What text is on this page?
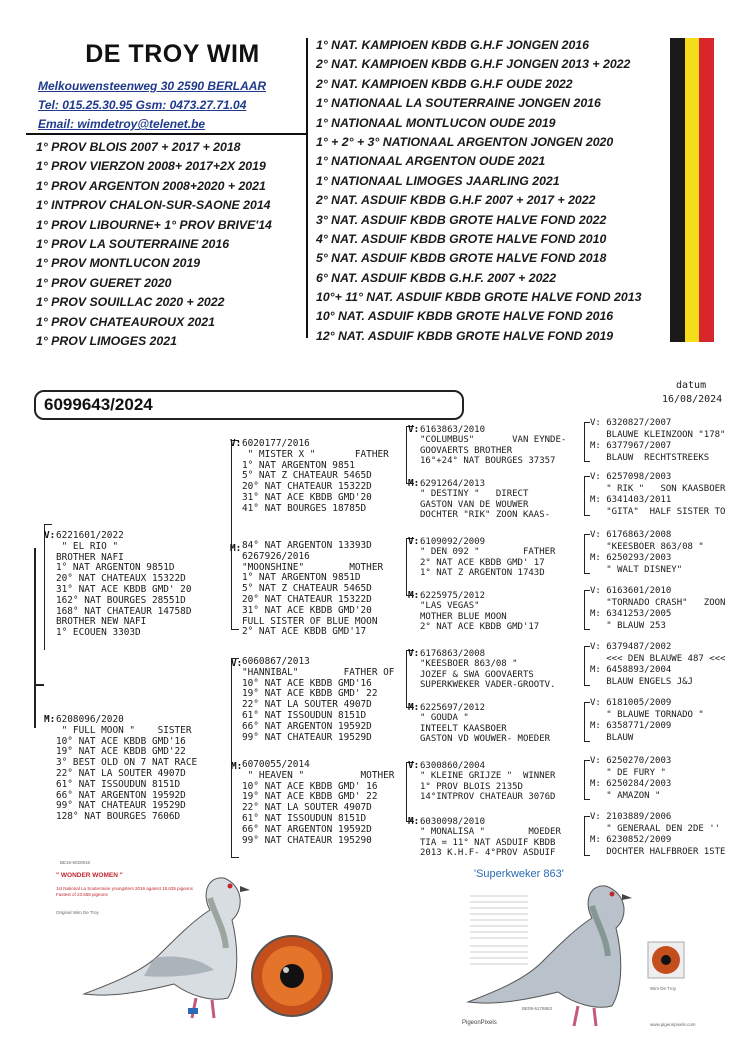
DE TROY WIM
Melkouwensteenweg 30 2590 BERLAAR
Tel: 015.25.30.95 Gsm: 0473.27.71.04
Email: wimdetroy@telenet.be
1° PROV BLOIS 2007 + 2017 + 2018
1° PROV VIERZON 2008+ 2017+2X 2019
1° PROV ARGENTON 2008+2020 + 2021
1° INTPROV CHALON-SUR-SAONE 2014
1° PROV LIBOURNE+ 1° PROV BRIVE'14
1° PROV LA SOUTERRAINE 2016
1° PROV MONTLUCON 2019
1° PROV GUERET 2020
1° PROV SOUILLAC 2020 + 2022
1° PROV CHATEAUROUX 2021
1° PROV LIMOGES 2021
1° NAT. KAMPIOEN KBDB G.H.F JONGEN 2016
2° NAT. KAMPIOEN KBDB G.H.F JONGEN 2013 + 2022
2° NAT. KAMPIOEN KBDB G.H.F OUDE 2022
1° NATIONAAL LA SOUTERRAINE JONGEN 2016
1° NATIONAAL MONTLUCON OUDE 2019
1° + 2° + 3° NATIONAAL ARGENTON JONGEN 2020
1° NATIONAAL ARGENTON OUDE 2021
1° NATIONAAL LIMOGES JAARLING 2021
2° NAT. ASDUIF KBDB G.H.F 2007 + 2017 + 2022
3° NAT. ASDUIF KBDB GROTE HALVE FOND 2022
4° NAT. ASDUIF KBDB GROTE HALVE FOND 2010
5° NAT. ASDUIF KBDB GROTE HALVE FOND 2018
6° NAT. ASDUIF KBDB G.H.F. 2007 + 2022
10°+ 11° NAT. ASDUIF KBDB GROTE HALVE FOND 2013
10° NAT. ASDUIF KBDB GROTE HALVE FOND 2016
12° NAT. ASDUIF KBDB GROTE HALVE FOND 2019
6099643/2024
datum
16/08/2024
V: 6221601/2022
" EL RIO "
BROTHER NAFI
1° NAT ARGENTON 9851D
20° NAT CHATEAUX 15322D
31° NAT ACE KBDB GMD' 20
162° NAT BOURGES 28551D
168° NAT CHATEAUR 14758D
BROTHER NEW NAFI
1° ECOUEN 3303D
M: 6208096/2020
" FULL MOON "    SISTER
10° NAT ACE KBDB GMD'16
19° NAT ACE KBDB GMD'22
3° BEST OLD ON 7 NAT RACE
22° NAT LA SOUTER 4907D
61° NAT ISSOUDUN 8151D
66° NAT ARGENTON 19592D
99° NAT CHATEAUR 19529D
128° NAT BOURGES 7606D
V: 6020177/2016
" MISTER X "       FATHER
1° NAT ARGENTON 9851
5° NAT Z CHATEAUR 5465D
20° NAT CHATEAUR 15322D
31° NAT ACE KBDB GMD'20
41° NAT BOURGES 18785D
M: 84° NAT ARGENTON 13393D
6267926/2016
"MOONSHINE"        MOTHER
1° NAT ARGENTON 9851D
5° NAT Z CHATEAUR 5465D
20° NAT CHATEAUR 15322D
31° NAT ACE KBDB GMD'20
FULL SISTER OF BLUE MOON
2° NAT ACE KBDB GMD'17
V: 6060867/2013
"HANNIBAL"        FATHER OF
10° NAT ACE KBDB GMD'16
19° NAT ACE KBDB GMD' 22
22° NAT LA SOUTER 4907D
61° NAT ISSOUDUN 8151D
66° NAT ARGENTON 19592D
99° NAT CHATEAUR 19529D
M: 6070055/2014
" HEAVEN "          MOTHER
10° NAT ACE KBDB GMD' 16
19° NAT ACE KBDB GMD' 22
22° NAT LA SOUTER 4907D
61° NAT ISSOUDUN 8151D
66° NAT ARGENTON 19592D
99° NAT CHATEAUR 195290
V: 6163863/2010
"COLUMBUS"       VAN EYNDE-
GOOVAERTS BROTHER
16°+24° NAT BOURGES 37357
M: 6291264/2013
" DESTINY "   DIRECT
GASTON VAN DE WOUWER
DOCHTER "RIK" ZOON KAAS-
V: 6109092/2009
" DEN 092 "        FATHER
2° NAT ACE KBDB GMD' 17
1° NAT Z ARGENTON 1743D
M: 6225975/2012
"LAS VEGAS"
MOTHER BLUE MOON
2° NAT ACE KBDB GMD'17
V: 6176863/2008
"KEESBOER 863/08 "
JOZEF & SWA GOOVAERTS
SUPERKWEKER VADER-GROOTV.
M: 6225697/2012
" GOUDA "
INTEELT KAASBOER
GASTON VD WOUWER- MOEDER
V: 6300860/2004
" KLEINE GRIJZE "  WINNER
1° PROV BLOIS 2135D
14°INTPROV CHATEAUR 3076D
M: 6030098/2010
" MONALISA "        MOEDER
TIA = 11° NAT ASDUIF KBDB
2013 K.H.F- 4°PROV ASDUIF
V: 6320827/2007
BLAUWE KLEINZOON "178"
M: 6377967/2007
BLAUW  RECHTSTREEKS
V: 6257098/2003
" RIK "   SON KAASBOER
M: 6341403/2011
"GITA"  HALF SISTER TO
V: 6176863/2008
"KEESBOER 863/08 "
M: 6250293/2003
" WALT DISNEY"
V: 6163601/2010
"TORNADO CRASH"   ZOON
M: 6341253/2005
" BLAUW 253
V: 6379487/2002
<<< DEN BLAUWE 487 <<<
M: 6458893/2004
BLAUW ENGELS J&J
V: 6181005/2009
" BLAUWE TORNADO "
M: 6358771/2009
BLAUW
V: 6250270/2003
" DE FURY "
M: 6250284/2003
" AMAZON "
V: 2103889/2006
" GENERAAL DEN 2DE ''
M: 6230852/2009
DOCHTER HALFBROER 1STE
BE16-6020916
" WONDER WOMEN "
1st National La Souterraine youngsters 2016 against 15.635 pigeons
Fastest of 23.558 pigeons
Original Wim De Troy
'Superkweker 863'
BE08-6176863
Wim De Troy
PigeonPixels	www.pigeonpixels.com
